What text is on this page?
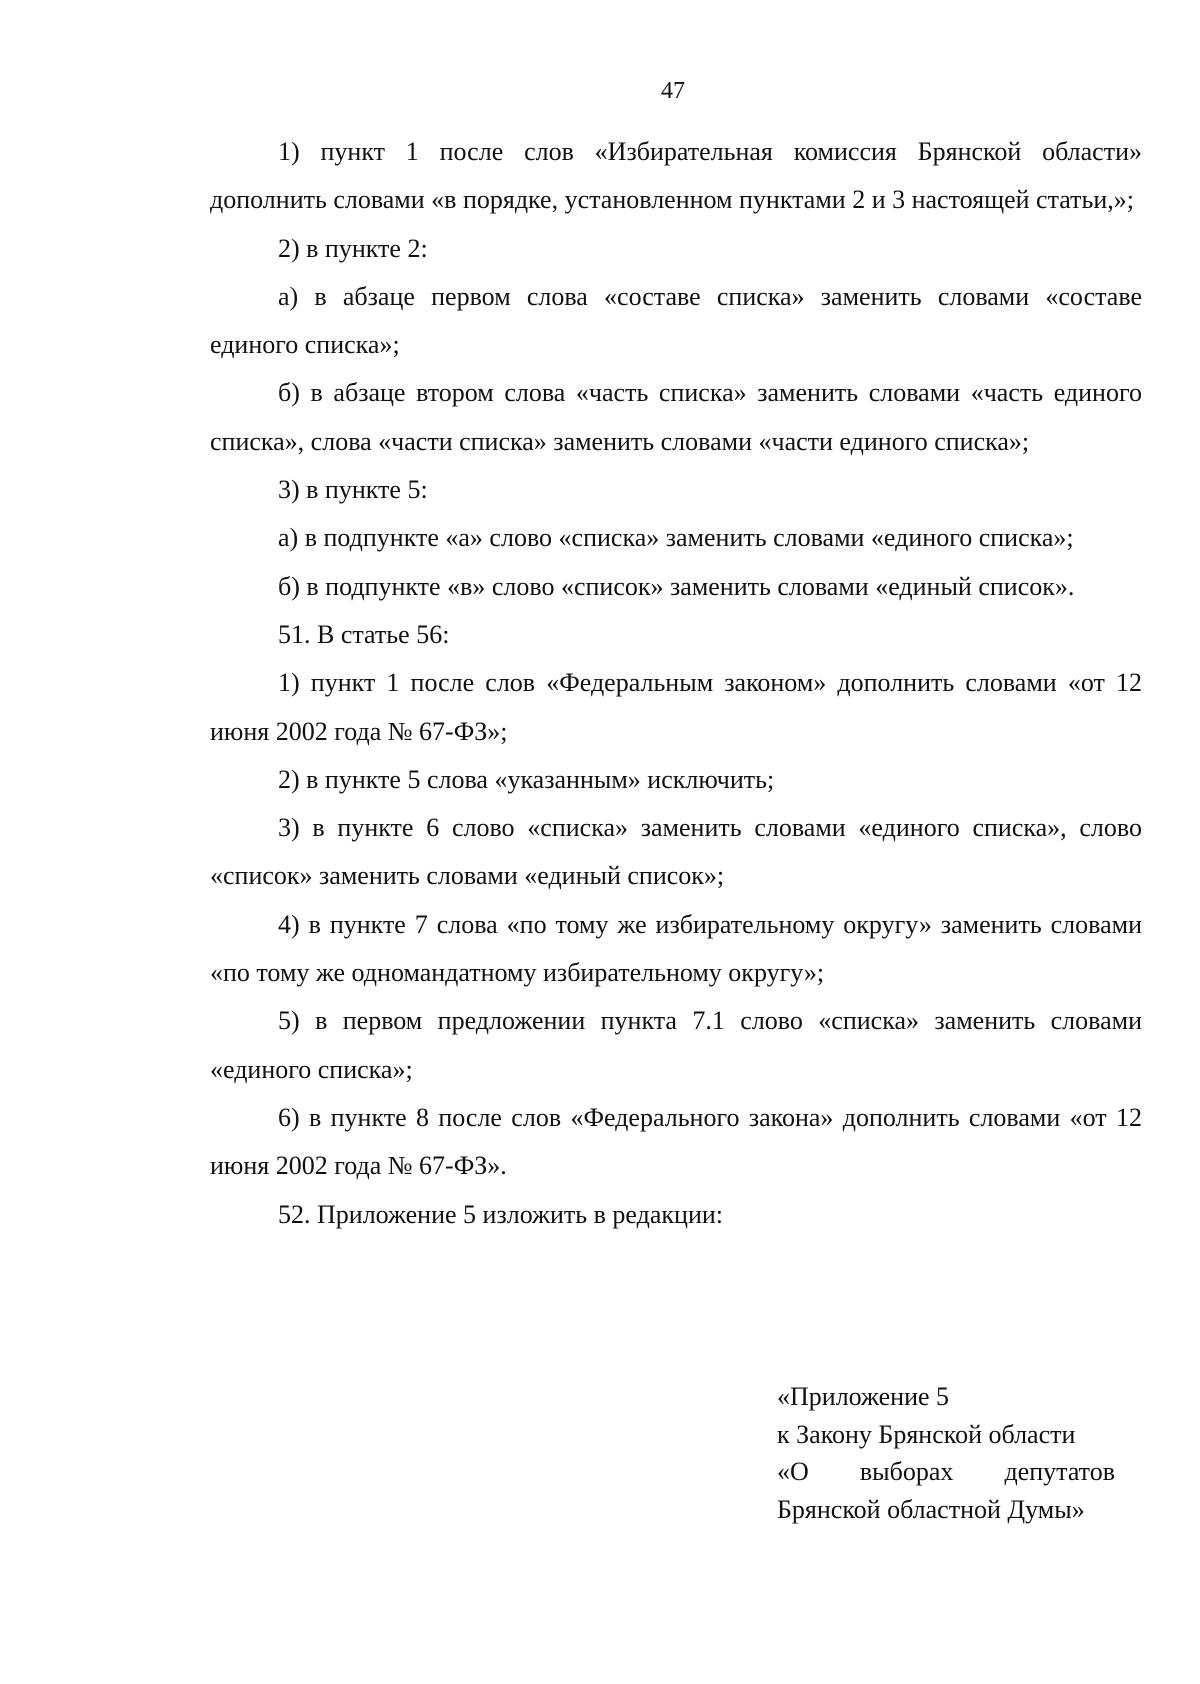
47

1) пункт 1 после слов «Избирательная комиссия Брянской области» дополнить словами «в порядке, установленном пунктами 2 и 3 настоящей статьи,»;

2) в пункте 2:

а) в абзаце первом слова «составе списка» заменить словами «составе единого списка»;

б) в абзаце втором слова «часть списка» заменить словами «часть единого списка», слова «части списка» заменить словами «части единого списка»;

3) в пункте 5:

а) в подпункте «а» слово «списка» заменить словами «единого списка»;

б) в подпункте «в» слово «список» заменить словами «единый список».

51. В статье 56:

1) пункт 1 после слов «Федеральным законом» дополнить словами «от 12 июня 2002 года № 67-ФЗ»;

2) в пункте 5 слова «указанным» исключить;

3) в пункте 6 слово «списка» заменить словами «единого списка», слово «список» заменить словами «единый список»;

4) в пункте 7 слова «по тому же избирательному округу» заменить словами «по тому же одномандатному избирательному округу»;

5) в первом предложении пункта 7.1 слово «списка» заменить словами «единого списка»;

6) в пункте 8 после слов «Федерального закона» дополнить словами «от 12 июня 2002 года № 67-ФЗ».

52. Приложение 5 изложить в редакции:

«Приложение 5

к Закону Брянской области

«О выборах депутатов

Брянской областной Думы»
